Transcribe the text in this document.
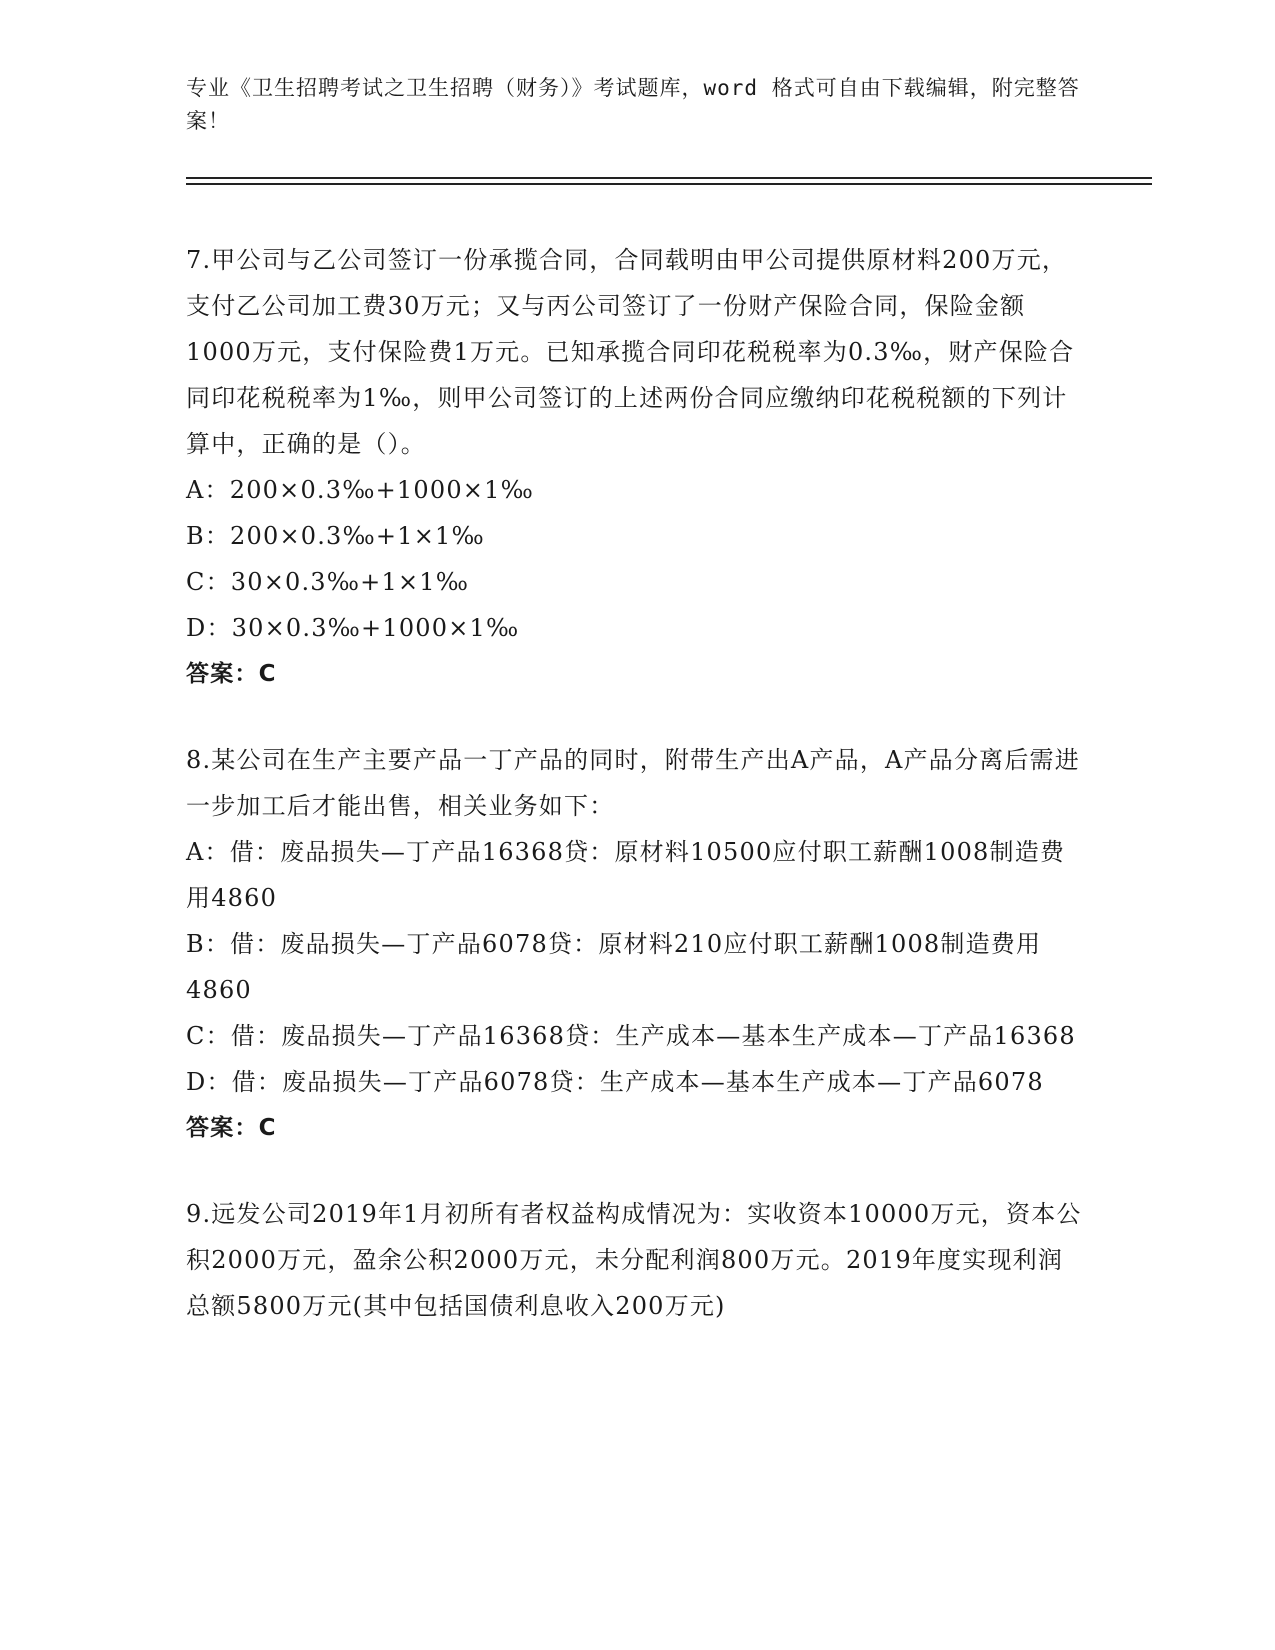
专业《卫生招聘考试之卫生招聘（财务）》考试题库，word 格式可自由下载编辑，附完整答案！

7.甲公司与乙公司签订一份承揽合同，合同载明由甲公司提供原材料200万元，支付乙公司加工费30万元；又与丙公司签订了一份财产保险合同，保险金额1000万元，支付保险费1万元。已知承揽合同印花税税率为0.3‰，财产保险合同印花税税率为1‰，则甲公司签订的上述两份合同应缴纳印花税税额的下列计算中，正确的是（）。

A：200×0.3‰+1000×1‰

B：200×0.3‰+1×1‰

C：30×0.3‰+1×1‰

D：30×0.3‰+1000×1‰

答案：C

8.某公司在生产主要产品一丁产品的同时，附带生产出A产品，A产品分离后需进一步加工后才能出售，相关业务如下：

A：借：废品损失—丁产品16368贷：原材料10500应付职工薪酬1008制造费用4860

B：借：废品损失—丁产品6078贷：原材料210应付职工薪酬1008制造费用4860

C：借：废品损失—丁产品16368贷：生产成本—基本生产成本—丁产品16368

D：借：废品损失—丁产品6078贷：生产成本—基本生产成本—丁产品6078

答案：C

9.远发公司2019年1月初所有者权益构成情况为：实收资本10000万元，资本公积2000万元，盈余公积2000万元，未分配利润800万元。2019年度实现利润总额5800万元(其中包括国债利息收入200万元)
